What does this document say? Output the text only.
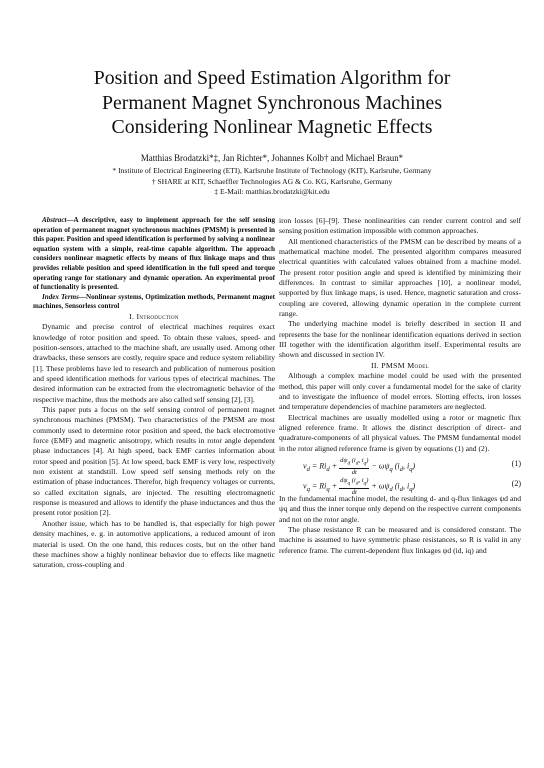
Position and Speed Estimation Algorithm for
Permanent Magnet Synchronous Machines
Considering Nonlinear Magnetic Effects
Matthias Brodatzki*‡, Jan Richter*, Johannes Kolb† and Michael Braun*
* Institute of Electrical Engineering (ETI), Karlsruhe Institute of Technology (KIT), Karlsruhe, Germany
† SHARE at KIT, Schaeffler Technologies AG & Co. KG, Karlsruhe, Germany
‡ E-Mail: matthias.brodatzki@kit.edu

Abstract—A descriptive, easy to implement approach for the self sensing operation of permanent magnet synchronous machines (PMSM) is presented in this paper. Position and speed identification is performed by solving a nonlinear equation system with a simple, real-time capable algorithm. The approach considers nonlinear magnetic effects by means of flux linkage maps and thus provides reliable position and speed identification in the full speed and torque operating range for stationary and dynamic operation. An experimental proof of functionality is presented.

Index Terms—Nonlinear systems, Optimization methods, Permanent magnet machines, Sensorless control

I. Introduction

Dynamic and precise control of electrical machines requires exact knowledge of rotor position and speed. To obtain these values, speed- and position-sensors, attached to the machine shaft, are usually used. Among other drawbacks, these sensors are costly, require space and reduce system reliability [1]. These problems have led to research and publication of numerous position and speed identification methods for various types of electrical machines. The desired information can be extracted from the electromagnetic behavior of the respective machine, thus the methods are also called self sensing [2], [3].

This paper puts a focus on the self sensing control of permanent magnet synchronous machines (PMSM). Two characteristics of the PMSM are most commonly used to determine rotor position and speed, the back electromotive force (EMF) and magnetic anisotropy, which results in rotor angle dependent phase inductances [4]. At high speed, back EMF carries information about rotor speed and position [5]. At low speed, back EMF is very low, respectively non existent at standstill. Low speed self sensing methods rely on the estimation of phase inductances. Therefor, high frequency voltages or currents, so called excitation signals, are injected. The resulting electromagnetic response is measured and allows to identify the phase inductances and thus the present rotor position [2].

Another issue, which has to be handled is, that especially for high power density machines, e. g. in automotive applications, a reduced amount of iron material is used. On the one hand, this reduces costs, but on the other hand these machines show a highly nonlinear behavior due to effects like magnetic saturation, cross-coupling and

iron losses [6]–[9]. These nonlinearities can render current control and self sensing position estimation impossible with common approaches.

All mentioned characteristics of the PMSM can be described by means of a mathematical machine model. The presented algorithm compares measured electrical quantities with calculated values obtained from a machine model. The present rotor position angle and speed is identified by minimizing their differences. In contrast to similar approaches [10], a nonlinear model, supported by flux linkage maps, is used. Hence, magnetic saturation and cross-coupling are covered, allowing dynamic operation in the complete current range.

The underlying machine model is briefly described in section II and represents the base for the nonlinear identification equations derived in section III together with the identification algorithm itself. Experimental results are shown and discussed in section IV.

II. PMSM Model

Although a complex machine model could be used with the presented method, this paper will only cover a fundamental model for the sake of clarity and to investigate the influence of model errors. Slotting effects, iron losses and temperature dependencies of machine parameters are neglected.

Electrical machines are usually modelled using a rotor or magnetic flux aligned reference frame. It allows the distinct description of direct- and quadrature-components of all physical values. The PMSM fundamental model in the rotor aligned reference frame is given by equations (1) and (2).

$v_d = Ri_d + \frac{d\psi_d (i_d, i_q)}{dt} - \omega\psi_q$ ($i_d$, $i_q$)	(1)
$v_q = Ri_q + \frac{d\psi_q (i_d, i_q)}{dt} + \omega\psi_d$ ($i_d$, $i_q$)	(2)

In the fundamental machine model, the resulting d- and q-flux linkages ψd and ψq and thus the inner torque only depend on the respective current components and not on the rotor angle.

The phase resistance R can be measured and is considered constant. The machine is assumed to have symmetric phase resistances, so R is valid in any reference frame. The current-dependent flux linkages ψd (id, iq) and
